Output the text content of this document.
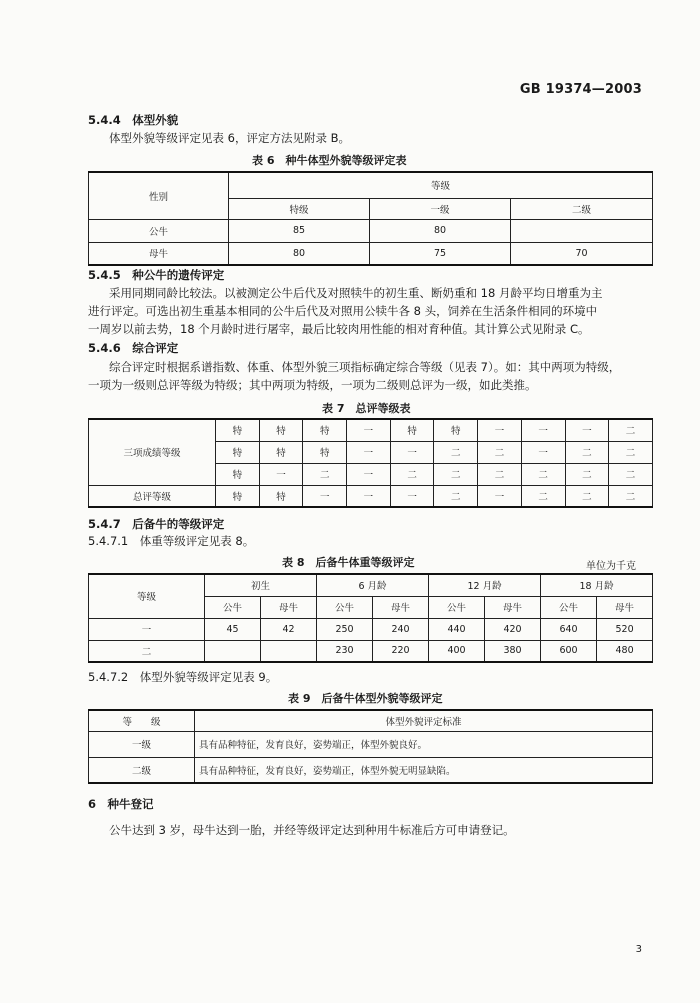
GB 19374—2003
5.4.4　体型外貌
体型外貌等级评定见表 6，评定方法见附录 B。
表 6　种牛体型外貌等级评定表
性别	等级		
	特级	一级	二级
公牛	85	80	
母牛	80	75	70
5.4.5　种公牛的遗传评定
采用同期同龄比较法。以被测定公牛后代及对照犊牛的初生重、断奶重和 18 月龄平均日增重为主
进行评定。可选出初生重基本相同的公牛后代及对照用公犊牛各 8 头，饲养在生活条件相同的环境中
一周岁以前去势，18 个月龄时进行屠宰，最后比较肉用性能的相对育种值。其计算公式见附录 C。
5.4.6　综合评定
综合评定时根据系谱指数、体重、体型外貌三项指标确定综合等级（见表 7）。如：其中两项为特级，
一项为一级则总评等级为特级；其中两项为特级，一项为二级则总评为一级，如此类推。
表 7　总评等级表
三项成绩等级	特	特	特	一	特	特	一	一	一	二
	特	特	特	一	一	二	二	一	二	二
	特	一	二	一	二	二	二	二	二	二
总评等级	特	特	一	一	一	二	一	二	二	二
5.4.7　后备牛的等级评定
5.4.7.1　体重等级评定见表 8。
表 8　后备牛体重等级评定	单位为千克
等级	初生		6 月龄		12 月龄		18 月龄	
	公牛	母牛	公牛	母牛	公牛	母牛	公牛	母牛
一	45	42	250	240	440	420	640	520
二			230	220	400	380	600	480
5.4.7.2　体型外貌等级评定见表 9。
表 9　后备牛体型外貌等级评定
等　　级	体型外貌评定标准
一级	具有品种特征，发育良好，姿势端正，体型外貌良好。
二级	具有品种特征，发育良好，姿势端正，体型外貌无明显缺陷。
6　种牛登记
公牛达到 3 岁，母牛达到一胎，并经等级评定达到种用牛标准后方可申请登记。
3
